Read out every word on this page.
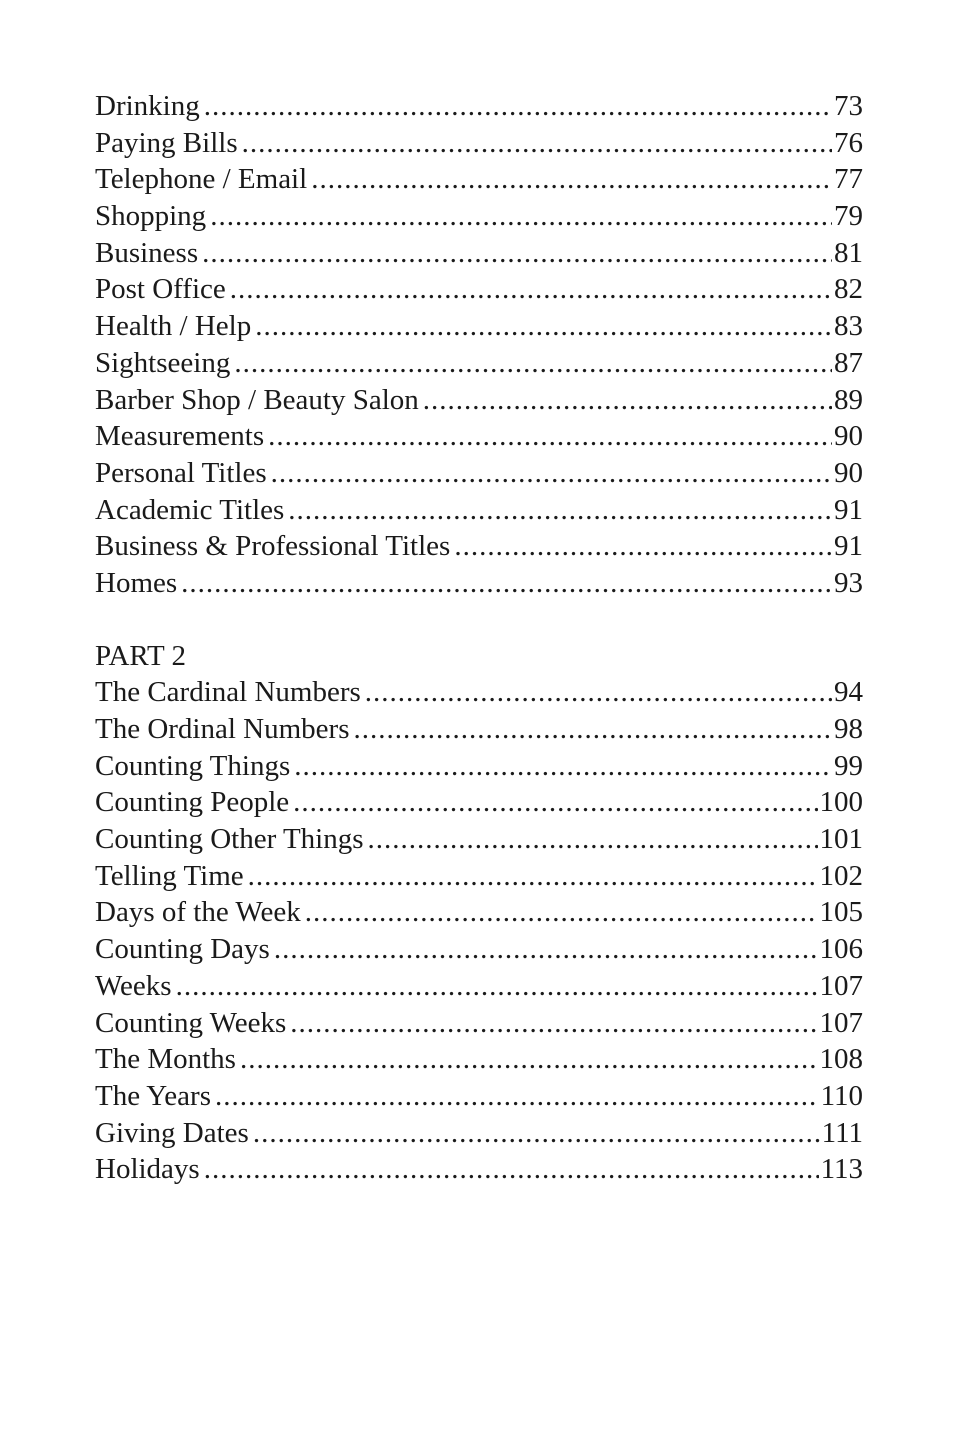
Drinking .....	73
Paying Bills .....	76
Telephone / Email .....	77
Shopping .....	79
Business .....	81
Post Office .....	82
Health / Help .....	83
Sightseeing .....	87
Barber Shop / Beauty Salon .....	89
Measurements .....	90
Personal Titles .....	90
Academic Titles .....	91
Business & Professional Titles .....	91
Homes .....	93
PART 2
The Cardinal Numbers .....	94
The Ordinal Numbers .....	98
Counting Things .....	99
Counting People .....	100
Counting Other Things .....	101
Telling Time .....	102
Days of the Week .....	105
Counting Days .....	106
Weeks .....	107
Counting Weeks .....	107
The Months .....	108
The Years .....	110
Giving Dates .....	111
Holidays .....	113
